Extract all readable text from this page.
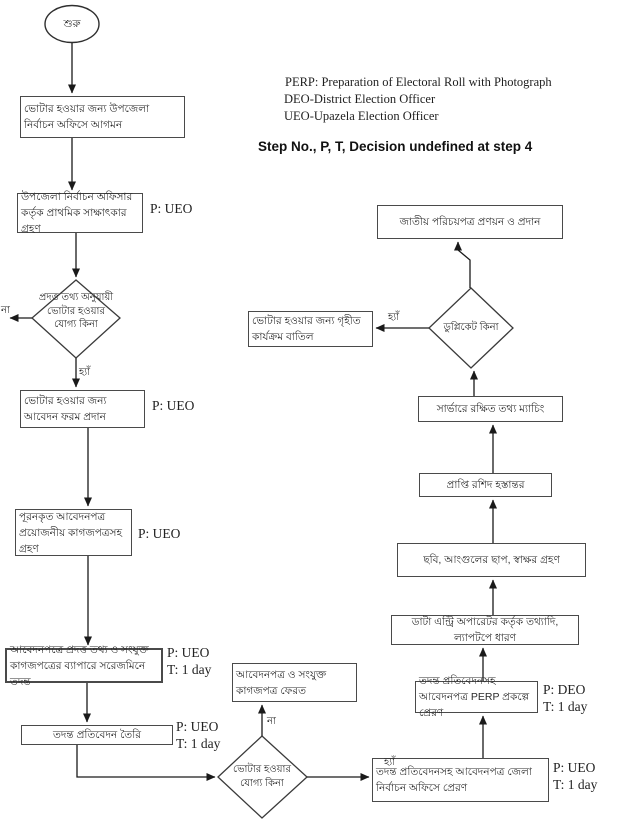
শুরু
ভোটার হওয়ার জন্য উপজেলা নির্বাচন অফিসে আগমন
উপজেলা নির্বাচন অফিসার কর্তৃক প্রাথমিক সাক্ষাৎকার গ্রহণ
P: UEO
প্রদত্ত তথ্য অনুযায়ী ভোটার হওয়ার যোগ্য কিনা
ভোটার হওয়ার জন্য আবেদন ফরম প্রদান
P: UEO
পূরনকৃত আবেদনপত্র প্রয়োজনীয় কাগজপত্রসহ গ্রহণ
P: UEO
আবেদনপত্রে প্রদত্ত তথ্য ও সংযুক্ত কাগজপত্রের ব্যাপারে সরেজমিনে তদন্ত
P: UEO
T: 1 day
তদন্ত প্রতিবেদন তৈরি
P: UEO
T: 1 day
আবেদনপত্র ও সংযুক্ত কাগজপত্র ফেরত
ভোটার হওয়ার যোগ্য কিনা
তদন্ত প্রতিবেদনসহ আবেদনপত্র জেলা নির্বাচন অফিসে প্রেরণ
P: UEO
T: 1 day
তদন্ত প্রতিবেদনসহ আবেদনপত্র PERP প্রকল্পে প্রেরণ
P: DEO
T: 1 day
ডাটা এন্ট্রি অপারেটর কর্তৃক তথ্যাদি, ল্যাপটপে ধারণ
ছবি, আংগুলের ছাপ, স্বাক্ষর গ্রহণ
প্রাপ্তি রশিদ হস্তান্তর
সার্ভারে রক্ষিত তথ্য ম্যাচিং
ডুপ্লিকেট কিনা
ভোটার হওয়ার জন্য গৃহীত কার্যক্রম বাতিল
জাতীয় পরিচয়পত্র প্রণয়ন ও প্রদান
না
হ্যাঁ
না
হ্যাঁ
হ্যাঁ
PERP: Preparation of Electoral Roll with Photograph
DEO-District Election Officer
UEO-Upazela Election Officer
Step No., P, T, Decision undefined at step 4
